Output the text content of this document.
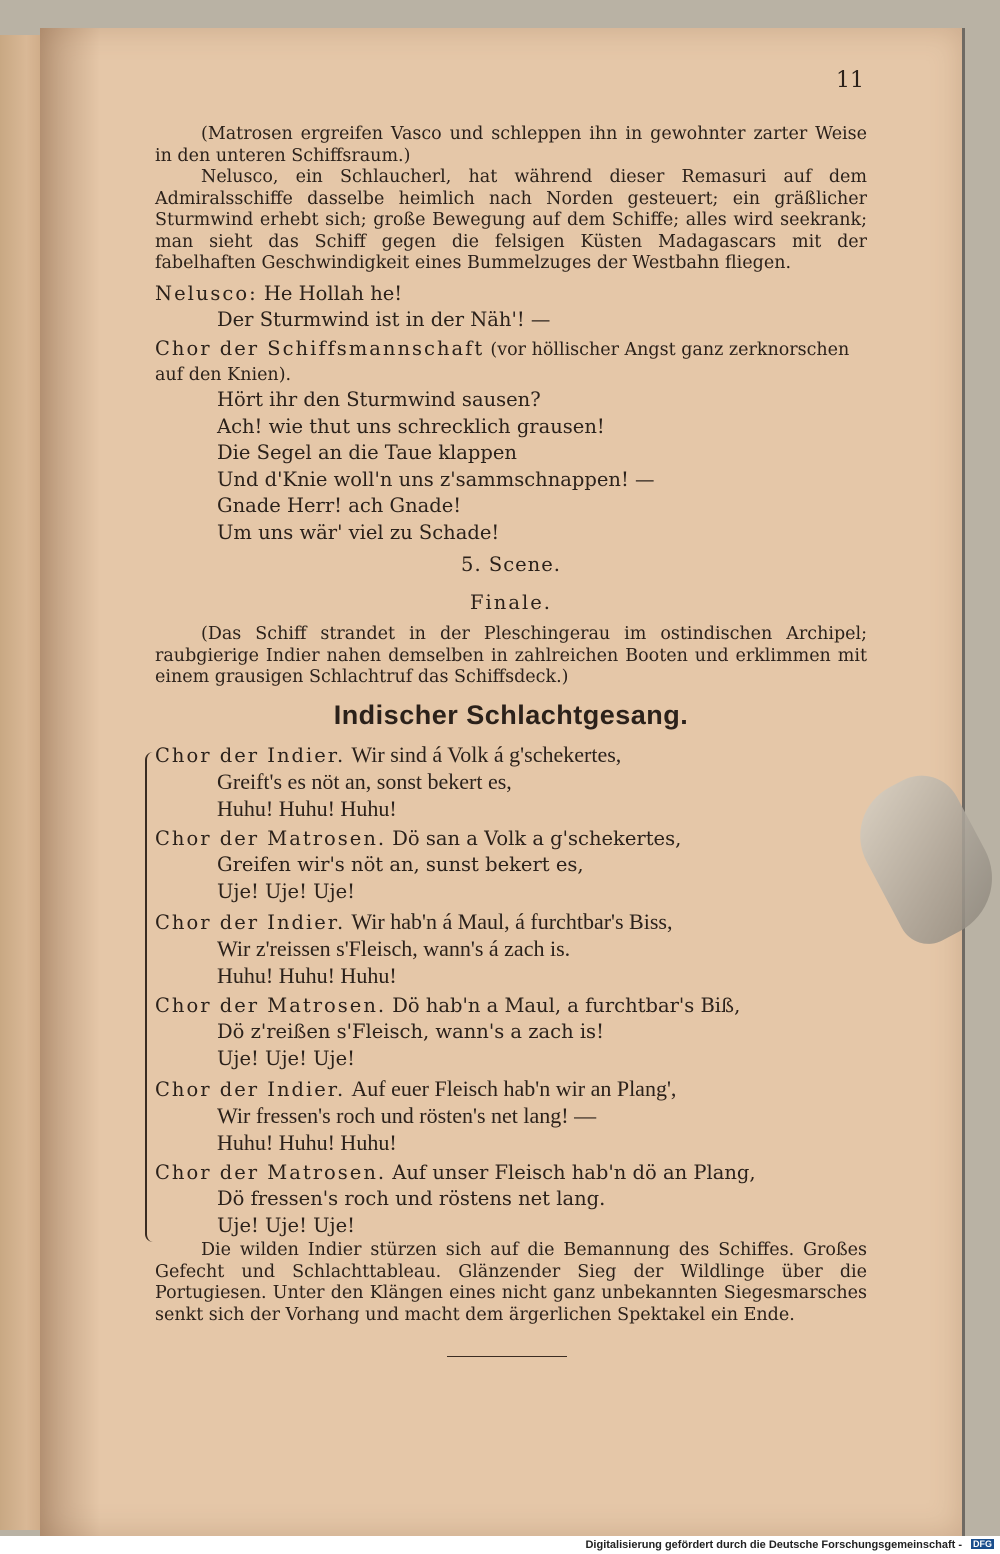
11

(Matrosen ergreifen Vasco und schleppen ihn in gewohnter zarter Weise in den unteren Schiffsraum.)

Nelusco, ein Schlaucherl, hat während dieser Remasuri auf dem Admiralsschiffe dasselbe heimlich nach Norden gesteuert; ein gräßlicher Sturmwind erhebt sich; große Bewegung auf dem Schiffe; alles wird seekrank; man sieht das Schiff gegen die felsigen Küsten Madagascars mit der fabelhaften Geschwindigkeit eines Bummelzuges der Westbahn fliegen.

Nelusco: He Hollah he!

Der Sturmwind ist in der Näh'! —

Chor der Schiffsmannschaft (vor höllischer Angst ganz zerknorschen auf den Knien).

Hört ihr den Sturmwind sausen?
Ach! wie thut uns schrecklich grausen!
Die Segel an die Taue klappen
Und d'Knie woll'n uns z'sammschnappen! —
Gnade Herr! ach Gnade!
Um uns wär' viel zu Schade!
5. Scene.
Finale.

(Das Schiff strandet in der Pleschingerau im ostindischen Archipel; raubgierige Indier nahen demselben in zahlreichen Booten und erklimmen mit einem grausigen Schlachtruf das Schiffsdeck.)

Indischer Schlachtgesang.
Chor der Indier. Wir sind á Volk á g'schekertes,
Greift's es nöt an, sonst bekert es,
Huhu! Huhu! Huhu!
Chor der Matrosen. Dö san a Volk a g'schekertes,
Greifen wir's nöt an, sunst bekert es,
Uje! Uje! Uje!
Chor der Indier. Wir hab'n á Maul, á furchtbar's Biss,
Wir z'reissen s'Fleisch, wann's á zach is.
Huhu! Huhu! Huhu!
Chor der Matrosen. Dö hab'n a Maul, a furchtbar's Biß,
Dö z'reißen s'Fleisch, wann's a zach is!
Uje! Uje! Uje!
Chor der Indier. Auf euer Fleisch hab'n wir an Plang',
Wir fressen's roch und rösten's net lang! —
Huhu! Huhu! Huhu!
Chor der Matrosen. Auf unser Fleisch hab'n dö an Plang,
Dö fressen's roch und röstens net lang.
Uje! Uje! Uje!

Die wilden Indier stürzen sich auf die Bemannung des Schiffes. Großes Gefecht und Schlachttableau. Glänzender Sieg der Wildlinge über die Portugiesen. Unter den Klängen eines nicht ganz unbekannten Siegesmarsches senkt sich der Vorhang und macht dem ärgerlichen Spektakel ein Ende.

Digitalisierung gefördert durch die Deutsche Forschungsgemeinschaft - DFG
